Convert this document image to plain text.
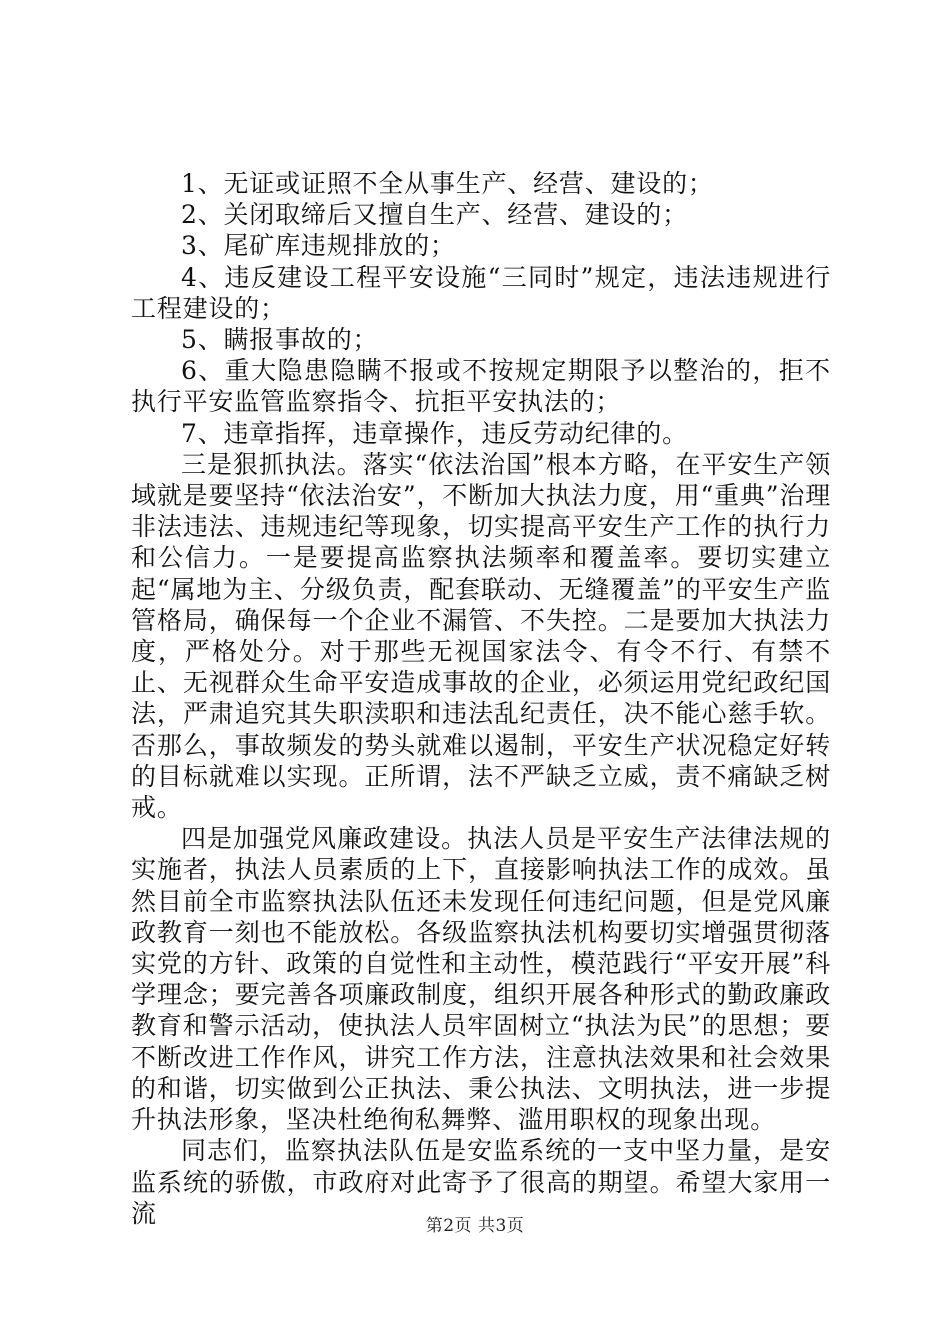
1、无证或证照不全从事生产、经营、建设的；

2、关闭取缔后又擅自生产、经营、建设的；

3、尾矿库违规排放的；

4、违反建设工程平安设施“三同时”规定，违法违规进行工程建设的；

5、瞒报事故的；

6、重大隐患隐瞒不报或不按规定期限予以整治的，拒不执行平安监管监察指令、抗拒平安执法的；

7、违章指挥，违章操作，违反劳动纪律的。

三是狠抓执法。落实“依法治国”根本方略，在平安生产领域就是要坚持“依法治安”，不断加大执法力度，用“重典”治理非法违法、违规违纪等现象，切实提高平安生产工作的执行力和公信力。一是要提高监察执法频率和覆盖率。要切实建立起“属地为主、分级负责，配套联动、无缝覆盖”的平安生产监管格局，确保每一个企业不漏管、不失控。二是要加大执法力度，严格处分。对于那些无视国家法令、有令不行、有禁不止、无视群众生命平安造成事故的企业，必须运用党纪政纪国法，严肃追究其失职渎职和违法乱纪责任，决不能心慈手软。否那么，事故频发的势头就难以遏制，平安生产状况稳定好转的目标就难以实现。正所谓，法不严缺乏立威，责不痛缺乏树戒。

四是加强党风廉政建设。执法人员是平安生产法律法规的实施者，执法人员素质的上下，直接影响执法工作的成效。虽然目前全市监察执法队伍还未发现任何违纪问题，但是党风廉政教育一刻也不能放松。各级监察执法机构要切实增强贯彻落实党的方针、政策的自觉性和主动性，模范践行“平安开展”科学理念；要完善各项廉政制度，组织开展各种形式的勤政廉政教育和警示活动，使执法人员牢固树立“执法为民”的思想；要不断改进工作作风，讲究工作方法，注意执法效果和社会效果的和谐，切实做到公正执法、秉公执法、文明执法，进一步提升执法形象，坚决杜绝徇私舞弊、滥用职权的现象出现。

同志们，监察执法队伍是安监系统的一支中坚力量，是安监系统的骄傲，市政府对此寄予了很高的期望。希望大家用一流	第2页 共3页
